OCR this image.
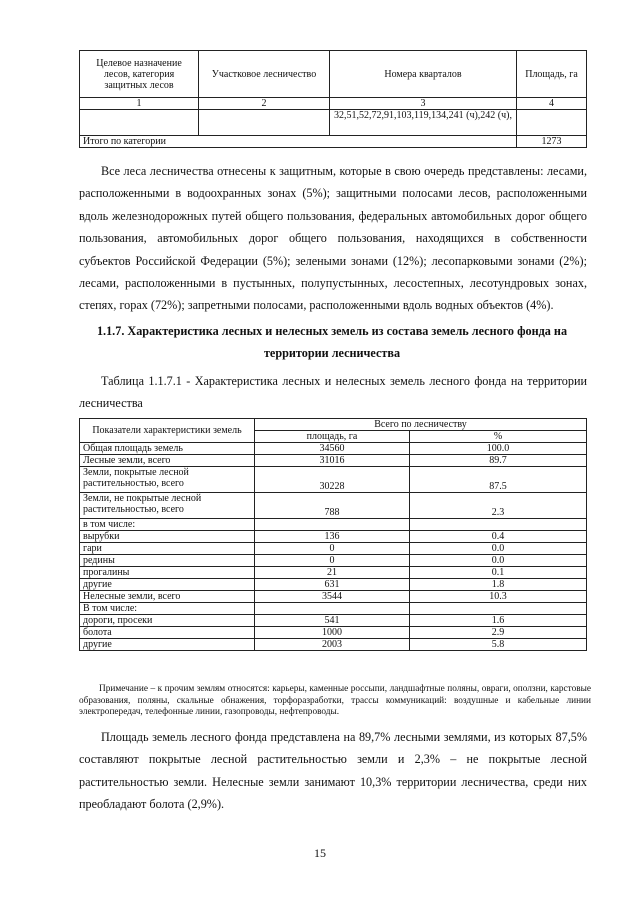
Целевое назначение лесов, категория защитных лесов	Участковое лесничество	Номера кварталов	Площадь, га
1	2	3	4
		32,51,52,72,91,103,119,134,241 (ч),242 (ч),	
Итого по категории			1273

Все леса лесничества отнесены к защитным, которые в свою очередь представлены: лесами, расположенными в водоохранных зонах (5%); защитными полосами лесов, расположенными вдоль железнодорожных путей общего пользования, федеральных автомобильных дорог общего пользования, автомобильных дорог общего пользования, находящихся в собственности субъектов Российской Федерации (5%); зелеными зонами (12%); лесопарковыми зонами (2%); лесами, расположенными в пустынных, полупустынных, лесостепных, лесотундровых зонах, степях, горах (72%); запретными полосами, расположенными вдоль водных объектов (4%).

1.1.7. Характеристика лесных и нелесных земель из состава земель лесного фонда на территории лесничества

Таблица 1.1.7.1 - Характеристика лесных и нелесных земель лесного фонда на территории лесничества

Показатели характеристики земель	Всего по лесничеству	
	площадь, га	%
Общая площадь земель	34560	100.0
Лесные земли, всего	31016	89.7
Земли, покрытые лесной растительностью, всего	30228	87.5
Земли, не покрытые лесной растительностью, всего	788	2.3
в том числе:		
вырубки	136	0.4
гари	0	0.0
редины	0	0.0
прогалины	21	0.1
другие	631	1.8
Нелесные земли, всего	3544	10.3
В том числе:		
дороги, просеки	541	1.6
болота	1000	2.9
другие	2003	5.8

Примечание – к прочим землям относятся: карьеры, каменные россыпи, ландшафтные поляны, овраги, оползни, карстовые образования, поляны, скальные обнажения, торфоразработки, трассы коммуникаций: воздушные и кабельные линии электропередач, телефонные линии, газопроводы, нефтепроводы.

Площадь земель лесного фонда представлена на 89,7% лесными землями, из которых 87,5% составляют покрытые лесной растительностью земли и 2,3% – не покрытые лесной растительностью земли. Нелесные земли занимают 10,3% территории лесничества, среди них преобладают болота (2,9%).

15
